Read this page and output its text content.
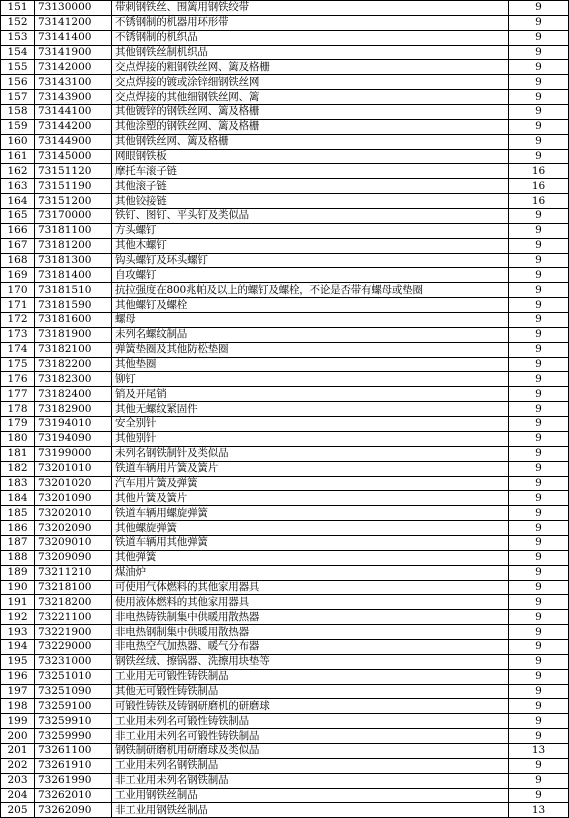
151	73130000	带刺钢铁丝、围篱用钢铁绞带	9
152	73141200	不锈钢制的机器用环形带	9
153	73141400	不锈钢制的机织品	9
154	73141900	其他钢铁丝制机织品	9
155	73142000	交点焊接的粗钢铁丝网、篱及格栅	9
156	73143100	交点焊接的镀或涂锌细钢铁丝网	9
157	73143900	交点焊接的其他细钢铁丝网、篱	9
158	73144100	其他镀锌的钢铁丝网、篱及格栅	9
159	73144200	其他涂塑的钢铁丝网、篱及格栅	9
160	73144900	其他钢铁丝网、篱及格栅	9
161	73145000	网眼钢铁板	9
162	73151120	摩托车滚子链	16
163	73151190	其他滚子链	16
164	73151200	其他铰接链	16
165	73170000	铁钉、图钉、平头钉及类似品	9
166	73181100	方头螺钉	9
167	73181200	其他木螺钉	9
168	73181300	钩头螺钉及环头螺钉	9
169	73181400	自攻螺钉	9
170	73181510	抗拉强度在800兆帕及以上的螺钉及螺栓，不论是否带有螺母或垫圈	9
171	73181590	其他螺钉及螺栓	9
172	73181600	螺母	9
173	73181900	未列名螺纹制品	9
174	73182100	弹簧垫圈及其他防松垫圈	9
175	73182200	其他垫圈	9
176	73182300	铆钉	9
177	73182400	销及开尾销	9
178	73182900	其他无螺纹紧固件	9
179	73194010	安全别针	9
180	73194090	其他别针	9
181	73199000	未列名钢铁制针及类似品	9
182	73201010	铁道车辆用片簧及簧片	9
183	73201020	汽车用片簧及弹簧	9
184	73201090	其他片簧及簧片	9
185	73202010	铁道车辆用螺旋弹簧	9
186	73202090	其他螺旋弹簧	9
187	73209010	铁道车辆用其他弹簧	9
188	73209090	其他弹簧	9
189	73211210	煤油炉	9
190	73218100	可使用气体燃料的其他家用器具	9
191	73218200	使用液体燃料的其他家用器具	9
192	73221100	非电热铸铁制集中供暖用散热器	9
193	73221900	非电热钢制集中供暖用散热器	9
194	73229000	非电热空气加热器、暖气分布器	9
195	73231000	钢铁丝绒、擦锅器、洗擦用块垫等	9
196	73251010	工业用无可锻性铸铁制品	9
197	73251090	其他无可锻性铸铁制品	9
198	73259100	可锻性铸铁及铸钢研磨机的研磨球	9
199	73259910	工业用未列名可锻性铸铁制品	9
200	73259990	非工业用未列名可锻性铸铁制品	9
201	73261100	钢铁制研磨机用研磨球及类似品	13
202	73261910	工业用未列名钢铁制品	9
203	73261990	非工业用未列名钢铁制品	9
204	73262010	工业用钢铁丝制品	9
205	73262090	非工业用钢铁丝制品	13
